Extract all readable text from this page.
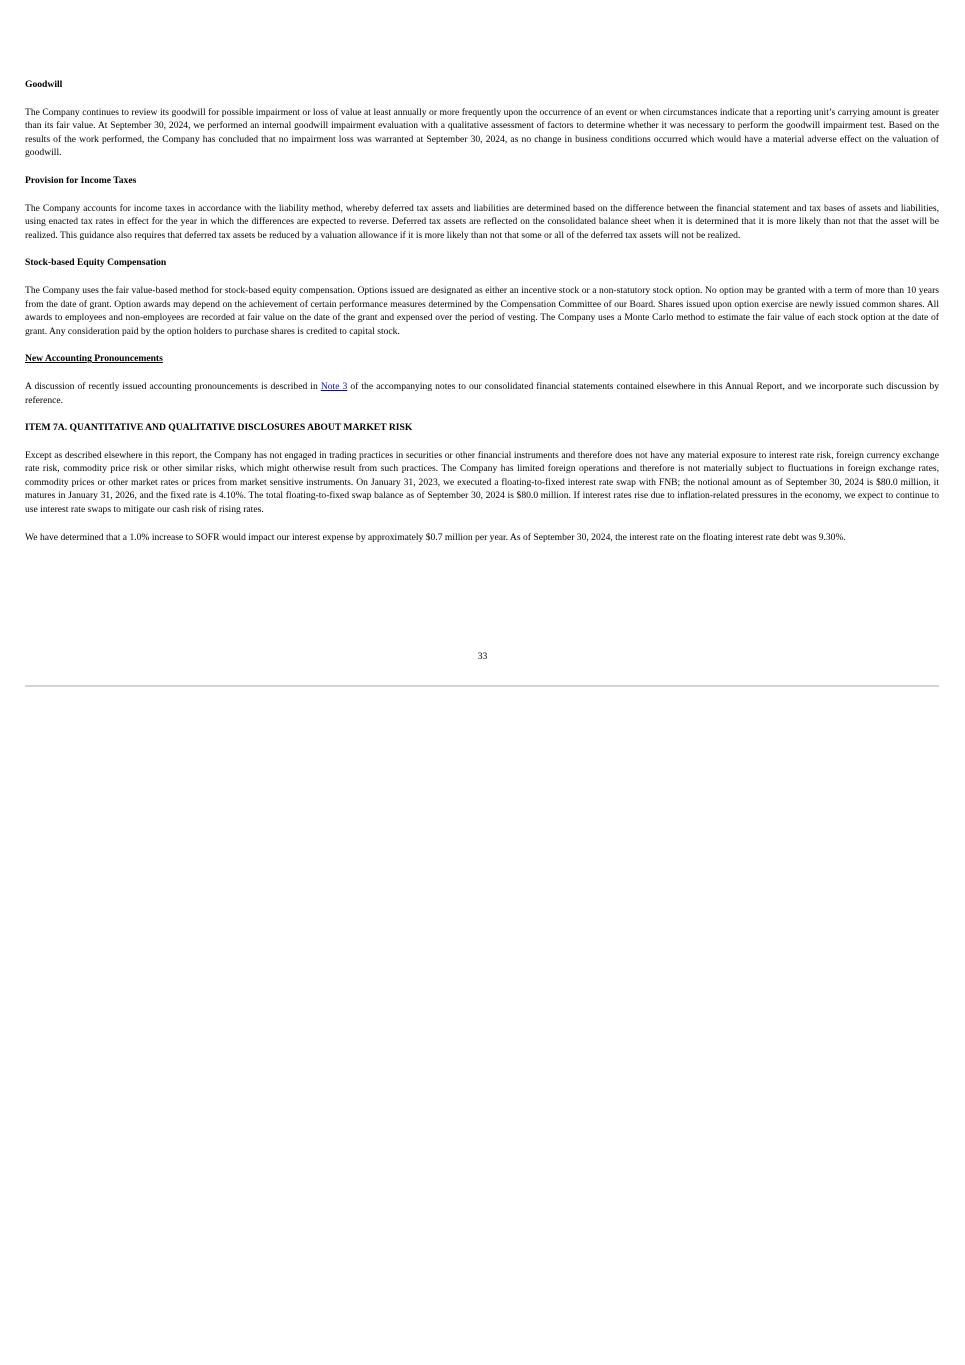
Goodwill

The Company continues to review its goodwill for possible impairment or loss of value at least annually or more frequently upon the occurrence of an event or when circumstances indicate that a reporting unit’s carrying amount is greater than its fair value. At September 30, 2024, we performed an internal goodwill impairment evaluation with a qualitative assessment of factors to determine whether it was necessary to perform the goodwill impairment test. Based on the results of the work performed, the Company has concluded that no impairment loss was warranted at September 30, 2024, as no change in business conditions occurred which would have a material adverse effect on the valuation of goodwill.

Provision for Income Taxes

The Company accounts for income taxes in accordance with the liability method, whereby deferred tax assets and liabilities are determined based on the difference between the financial statement and tax bases of assets and liabilities, using enacted tax rates in effect for the year in which the differences are expected to reverse. Deferred tax assets are reflected on the consolidated balance sheet when it is determined that it is more likely than not that the asset will be realized. This guidance also requires that deferred tax assets be reduced by a valuation allowance if it is more likely than not that some or all of the deferred tax assets will not be realized.

Stock-based Equity Compensation

The Company uses the fair value-based method for stock-based equity compensation. Options issued are designated as either an incentive stock or a non-statutory stock option. No option may be granted with a term of more than 10 years from the date of grant. Option awards may depend on the achievement of certain performance measures determined by the Compensation Committee of our Board. Shares issued upon option exercise are newly issued common shares. All awards to employees and non-employees are recorded at fair value on the date of the grant and expensed over the period of vesting. The Company uses a Monte Carlo method to estimate the fair value of each stock option at the date of grant. Any consideration paid by the option holders to purchase shares is credited to capital stock.

New Accounting Pronouncements

A discussion of recently issued accounting pronouncements is described in Note 3 of the accompanying notes to our consolidated financial statements contained elsewhere in this Annual Report, and we incorporate such discussion by reference.

ITEM 7A. QUANTITATIVE AND QUALITATIVE DISCLOSURES ABOUT MARKET RISK

Except as described elsewhere in this report, the Company has not engaged in trading practices in securities or other financial instruments and therefore does not have any material exposure to interest rate risk, foreign currency exchange rate risk, commodity price risk or other similar risks, which might otherwise result from such practices. The Company has limited foreign operations and therefore is not materially subject to fluctuations in foreign exchange rates, commodity prices or other market rates or prices from market sensitive instruments. On January 31, 2023, we executed a floating-to-fixed interest rate swap with FNB; the notional amount as of September 30, 2024 is $80.0 million, it matures in January 31, 2026, and the fixed rate is 4.10%. The total floating-to-fixed swap balance as of September 30, 2024 is $80.0 million. If interest rates rise due to inflation-related pressures in the economy, we expect to continue to use interest rate swaps to mitigate our cash risk of rising rates.

We have determined that a 1.0% increase to SOFR would impact our interest expense by approximately $0.7 million per year. As of September 30, 2024, the interest rate on the floating interest rate debt was 9.30%.

33
